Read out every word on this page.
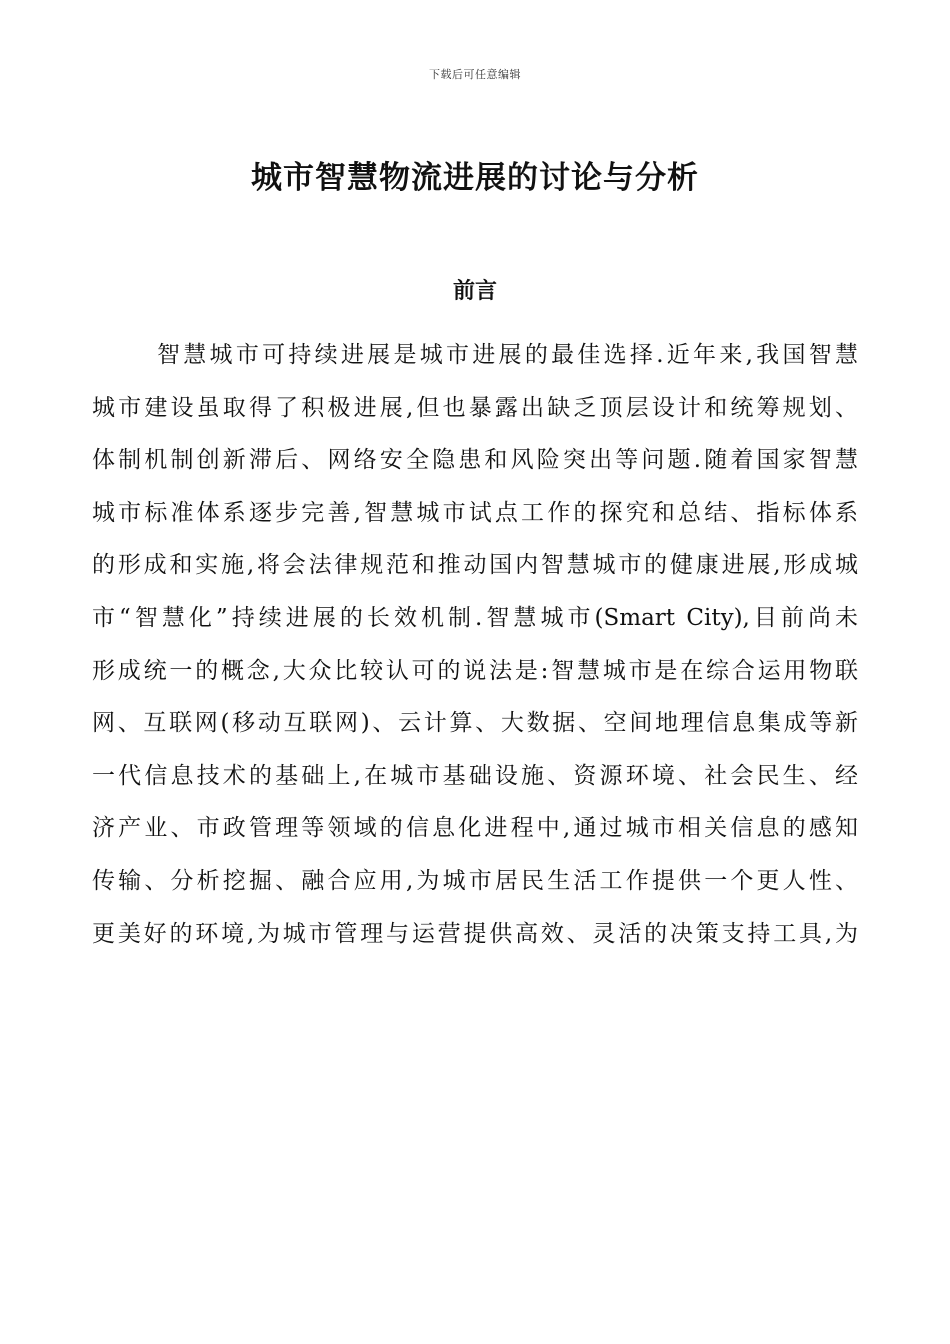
下载后可任意编辑
城市智慧物流进展的讨论与分析
前言
智慧城市可持续进展是城市进展的最佳选择.近年来,我国智慧
城市建设虽取得了积极进展,但也暴露出缺乏顶层设计和统筹规划、
体制机制创新滞后、网络安全隐患和风险突出等问题.随着国家智慧
城市标准体系逐步完善,智慧城市试点工作的探究和总结、指标体系
的形成和实施,将会法律规范和推动国内智慧城市的健康进展,形成城
市“智慧化”持续进展的长效机制.智慧城市(Smart City),目前尚未
形成统一的概念,大众比较认可的说法是:智慧城市是在综合运用物联
网、互联网(移动互联网)、云计算、大数据、空间地理信息集成等新
一代信息技术的基础上,在城市基础设施、资源环境、社会民生、经
济产业、市政管理等领域的信息化进程中,通过城市相关信息的感知
传输、分析挖掘、融合应用,为城市居民生活工作提供一个更人性、
更美好的环境,为城市管理与运营提供高效、灵活的决策支持工具,为
